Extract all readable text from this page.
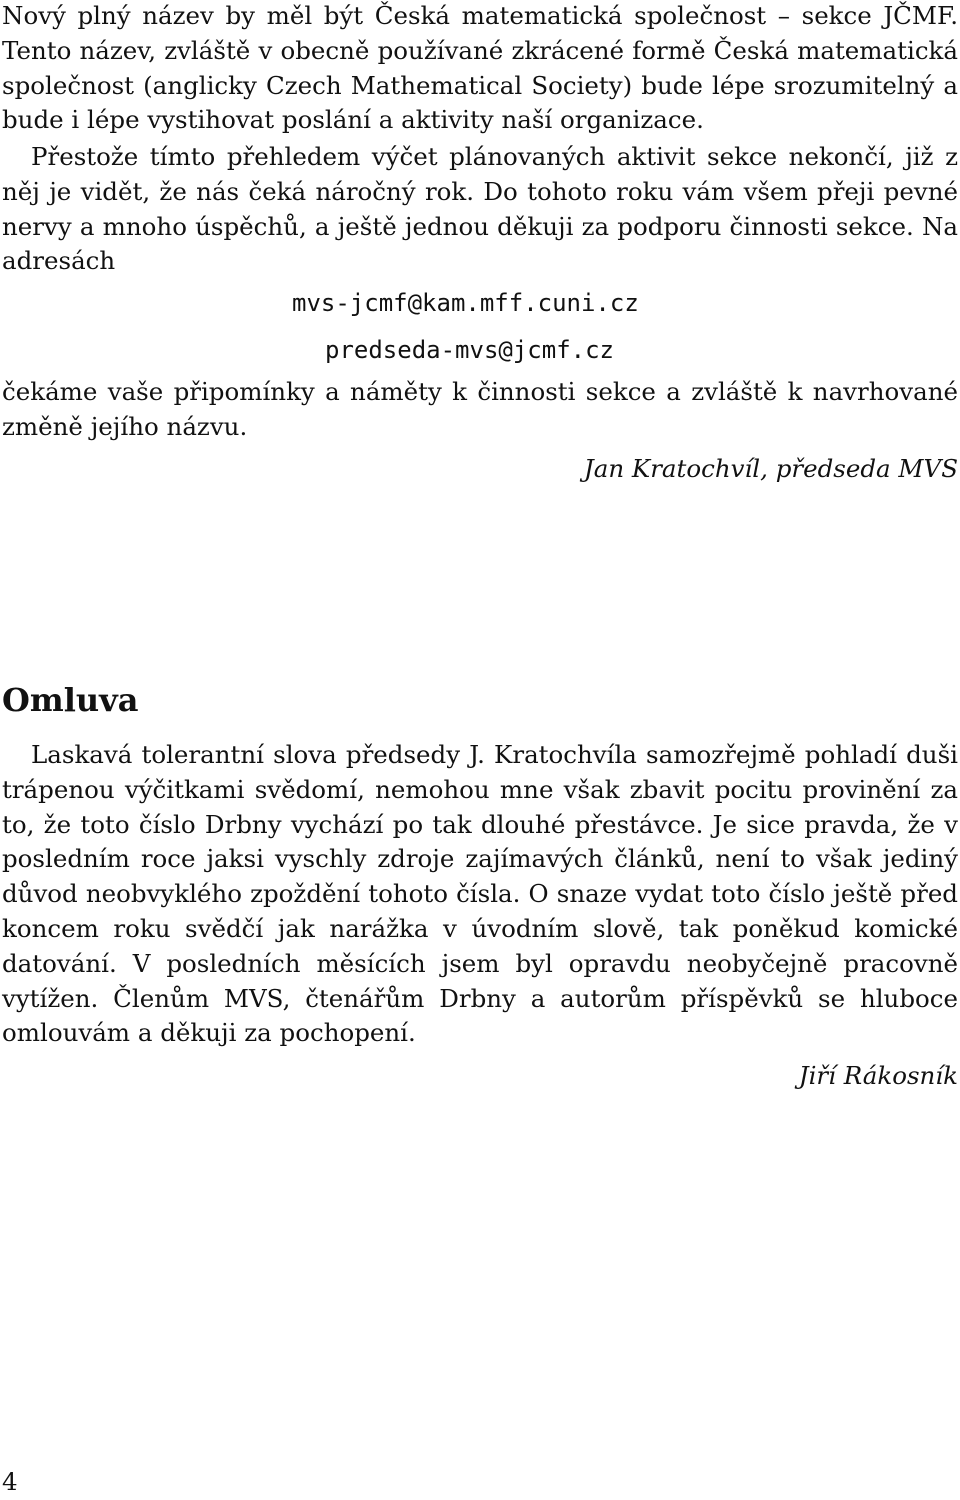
Nový plný název by měl být Česká matematická společnost – sekce JČMF. Tento název, zvláště v obecně používané zkrácené formě Česká matematická společnost (anglicky Czech Mathematical Society) bude lépe srozumitelný a bude i lépe vystihovat poslání a aktivity naší organizace.

Přestože tímto přehledem výčet plánovaných aktivit sekce nekončí, již z něj je vidět, že nás čeká náročný rok. Do tohoto roku vám všem přeji pevné nervy a mnoho úspěchů, a ještě jednou děkuji za podporu činnosti sekce. Na adresách

mvs-jcmf@kam.mff.cuni.cz
predseda-mvs@jcmf.cz

čekáme vaše připomínky a náměty k činnosti sekce a zvláště k navrhované změně jejího názvu.

Jan Kratochvíl, předseda MVS
Omluva

Laskavá tolerantní slova předsedy J. Kratochvíla samozřejmě pohladí duši trápenou výčitkami svědomí, nemohou mne však zbavit pocitu provinění za to, že toto číslo Drbny vychází po tak dlouhé přestávce. Je sice pravda, že v posledním roce jaksi vyschly zdroje zajímavých článků, není to však jediný důvod neobvyklého zpoždění tohoto čísla. O snaze vydat toto číslo ještě před koncem roku svědčí jak narážka v úvodním slově, tak poněkud komické datování. V posledních měsících jsem byl opravdu neobyčejně pracovně vytížen. Členům MVS, čtenářům Drbny a autorům příspěvků se hluboce omlouvám a děkuji za pochopení.

Jiří Rákosník
4
